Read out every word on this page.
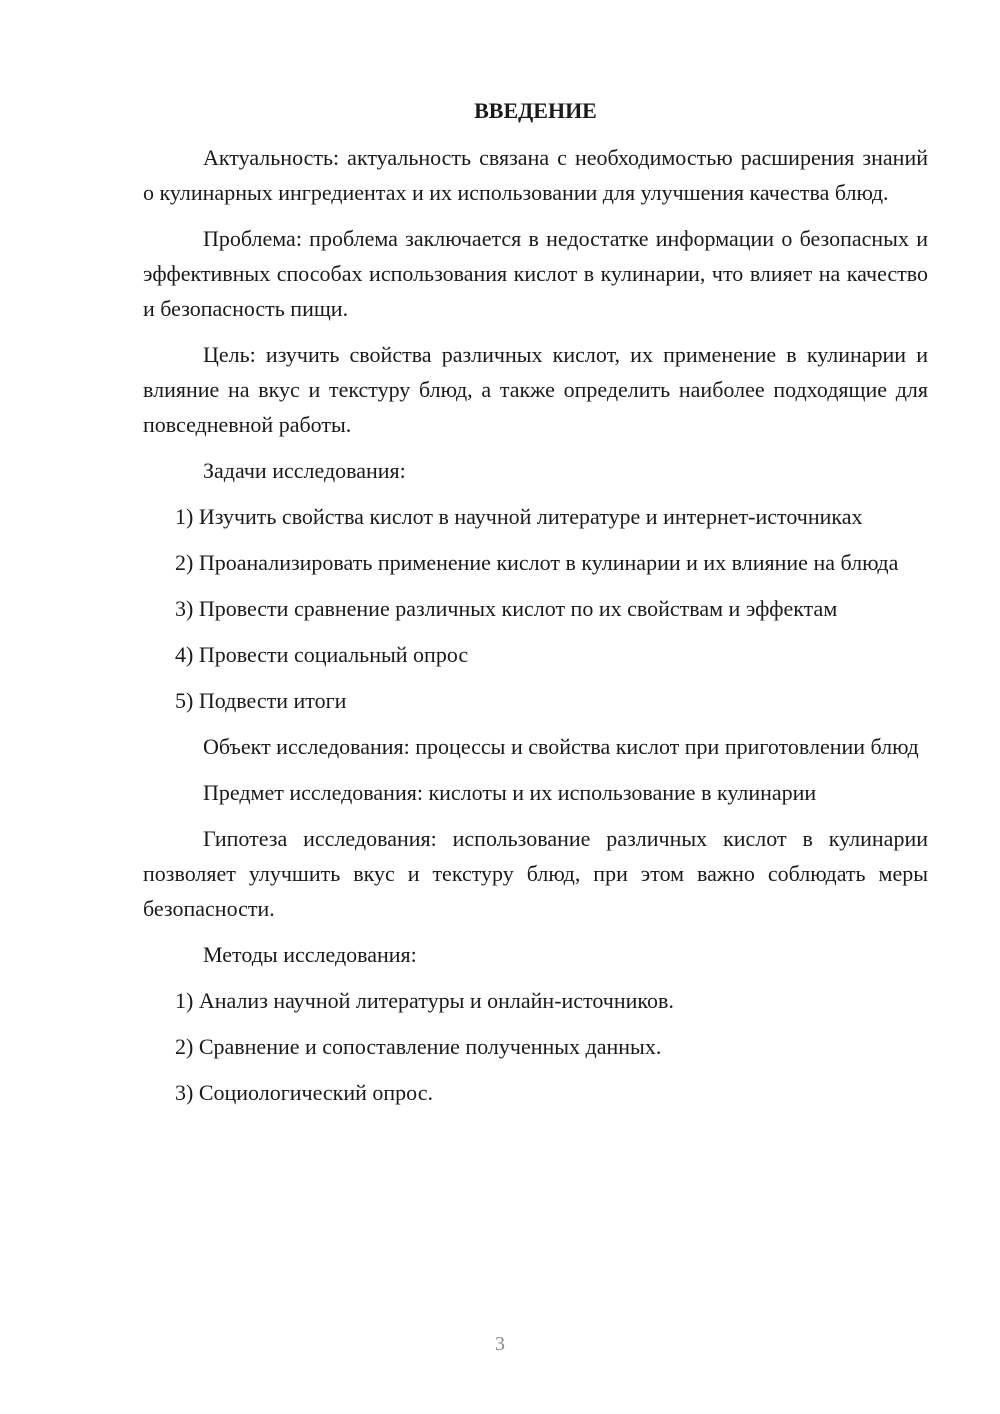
ВВЕДЕНИЕ
Актуальность: актуальность связана с необходимостью расширения знаний о кулинарных ингредиентах и их использовании для улучшения качества блюд.
Проблема: проблема заключается в недостатке информации о безопасных и эффективных способах использования кислот в кулинарии, что влияет на качество и безопасность пищи.
Цель: изучить свойства различных кислот, их применение в кулинарии и влияние на вкус и текстуру блюд, а также определить наиболее подходящие для повседневной работы.
Задачи исследования:
1) Изучить свойства кислот в научной литературе и интернет-источниках
2) Проанализировать применение кислот в кулинарии и их влияние на блюда
3) Провести сравнение различных кислот по их свойствам и эффектам
4) Провести социальный опрос
5) Подвести итоги
Объект исследования: процессы и свойства кислот при приготовлении блюд
Предмет исследования: кислоты и их использование в кулинарии
Гипотеза исследования: использование различных кислот в кулинарии позволяет улучшить вкус и текстуру блюд, при этом важно соблюдать меры безопасности.
Методы исследования:
1) Анализ научной литературы и онлайн-источников.
2) Сравнение и сопоставление полученных данных.
3) Социологический опрос.
3
